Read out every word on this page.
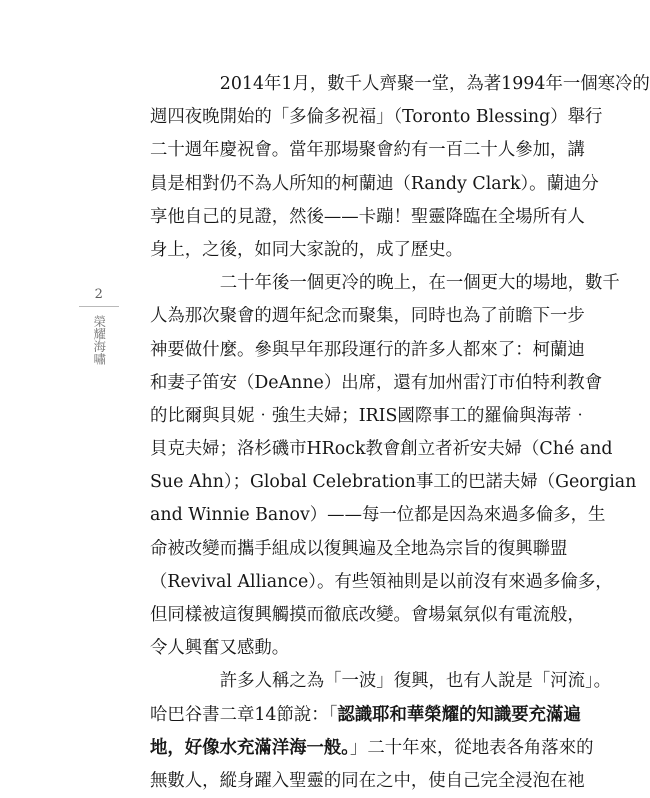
2
榮耀海嘯
　　2014年1月，數千人齊聚一堂，為著1994年一個寒冷的
週四夜晚開始的「多倫多祝福」（Toronto Blessing）舉行
二十週年慶祝會。當年那場聚會約有一百二十人參加，講
員是相對仍不為人所知的柯蘭迪（Randy Clark）。蘭迪分
享他自己的見證，然後——卡蹦！聖靈降臨在全場所有人
身上，之後，如同大家說的，成了歷史。
　　二十年後一個更冷的晚上，在一個更大的場地，數千
人為那次聚會的週年紀念而聚集，同時也為了前瞻下一步
神要做什麼。參與早年那段運行的許多人都來了：柯蘭迪
和妻子笛安（DeAnne）出席，還有加州雷汀市伯特利教會
的比爾與貝妮‧強生夫婦；IRIS國際事工的羅倫與海蒂‧
貝克夫婦；洛杉磯市HRock教會創立者祈安夫婦（Ché and
Sue Ahn）；Global Celebration事工的巴諾夫婦（Georgian
and Winnie Banov）——每一位都是因為來過多倫多，生
命被改變而攜手組成以復興遍及全地為宗旨的復興聯盟
（Revival Alliance）。有些領袖則是以前沒有來過多倫多，
但同樣被這復興觸摸而徹底改變。會場氣氛似有電流般，
令人興奮又感動。
　　許多人稱之為「一波」復興，也有人說是「河流」。
哈巴谷書二章14節說：「認識耶和華榮耀的知識要充滿遍
地，好像水充滿洋海一般。」二十年來，從地表各角落來的
無數人，縱身躍入聖靈的同在之中，使自己完全浸泡在祂
